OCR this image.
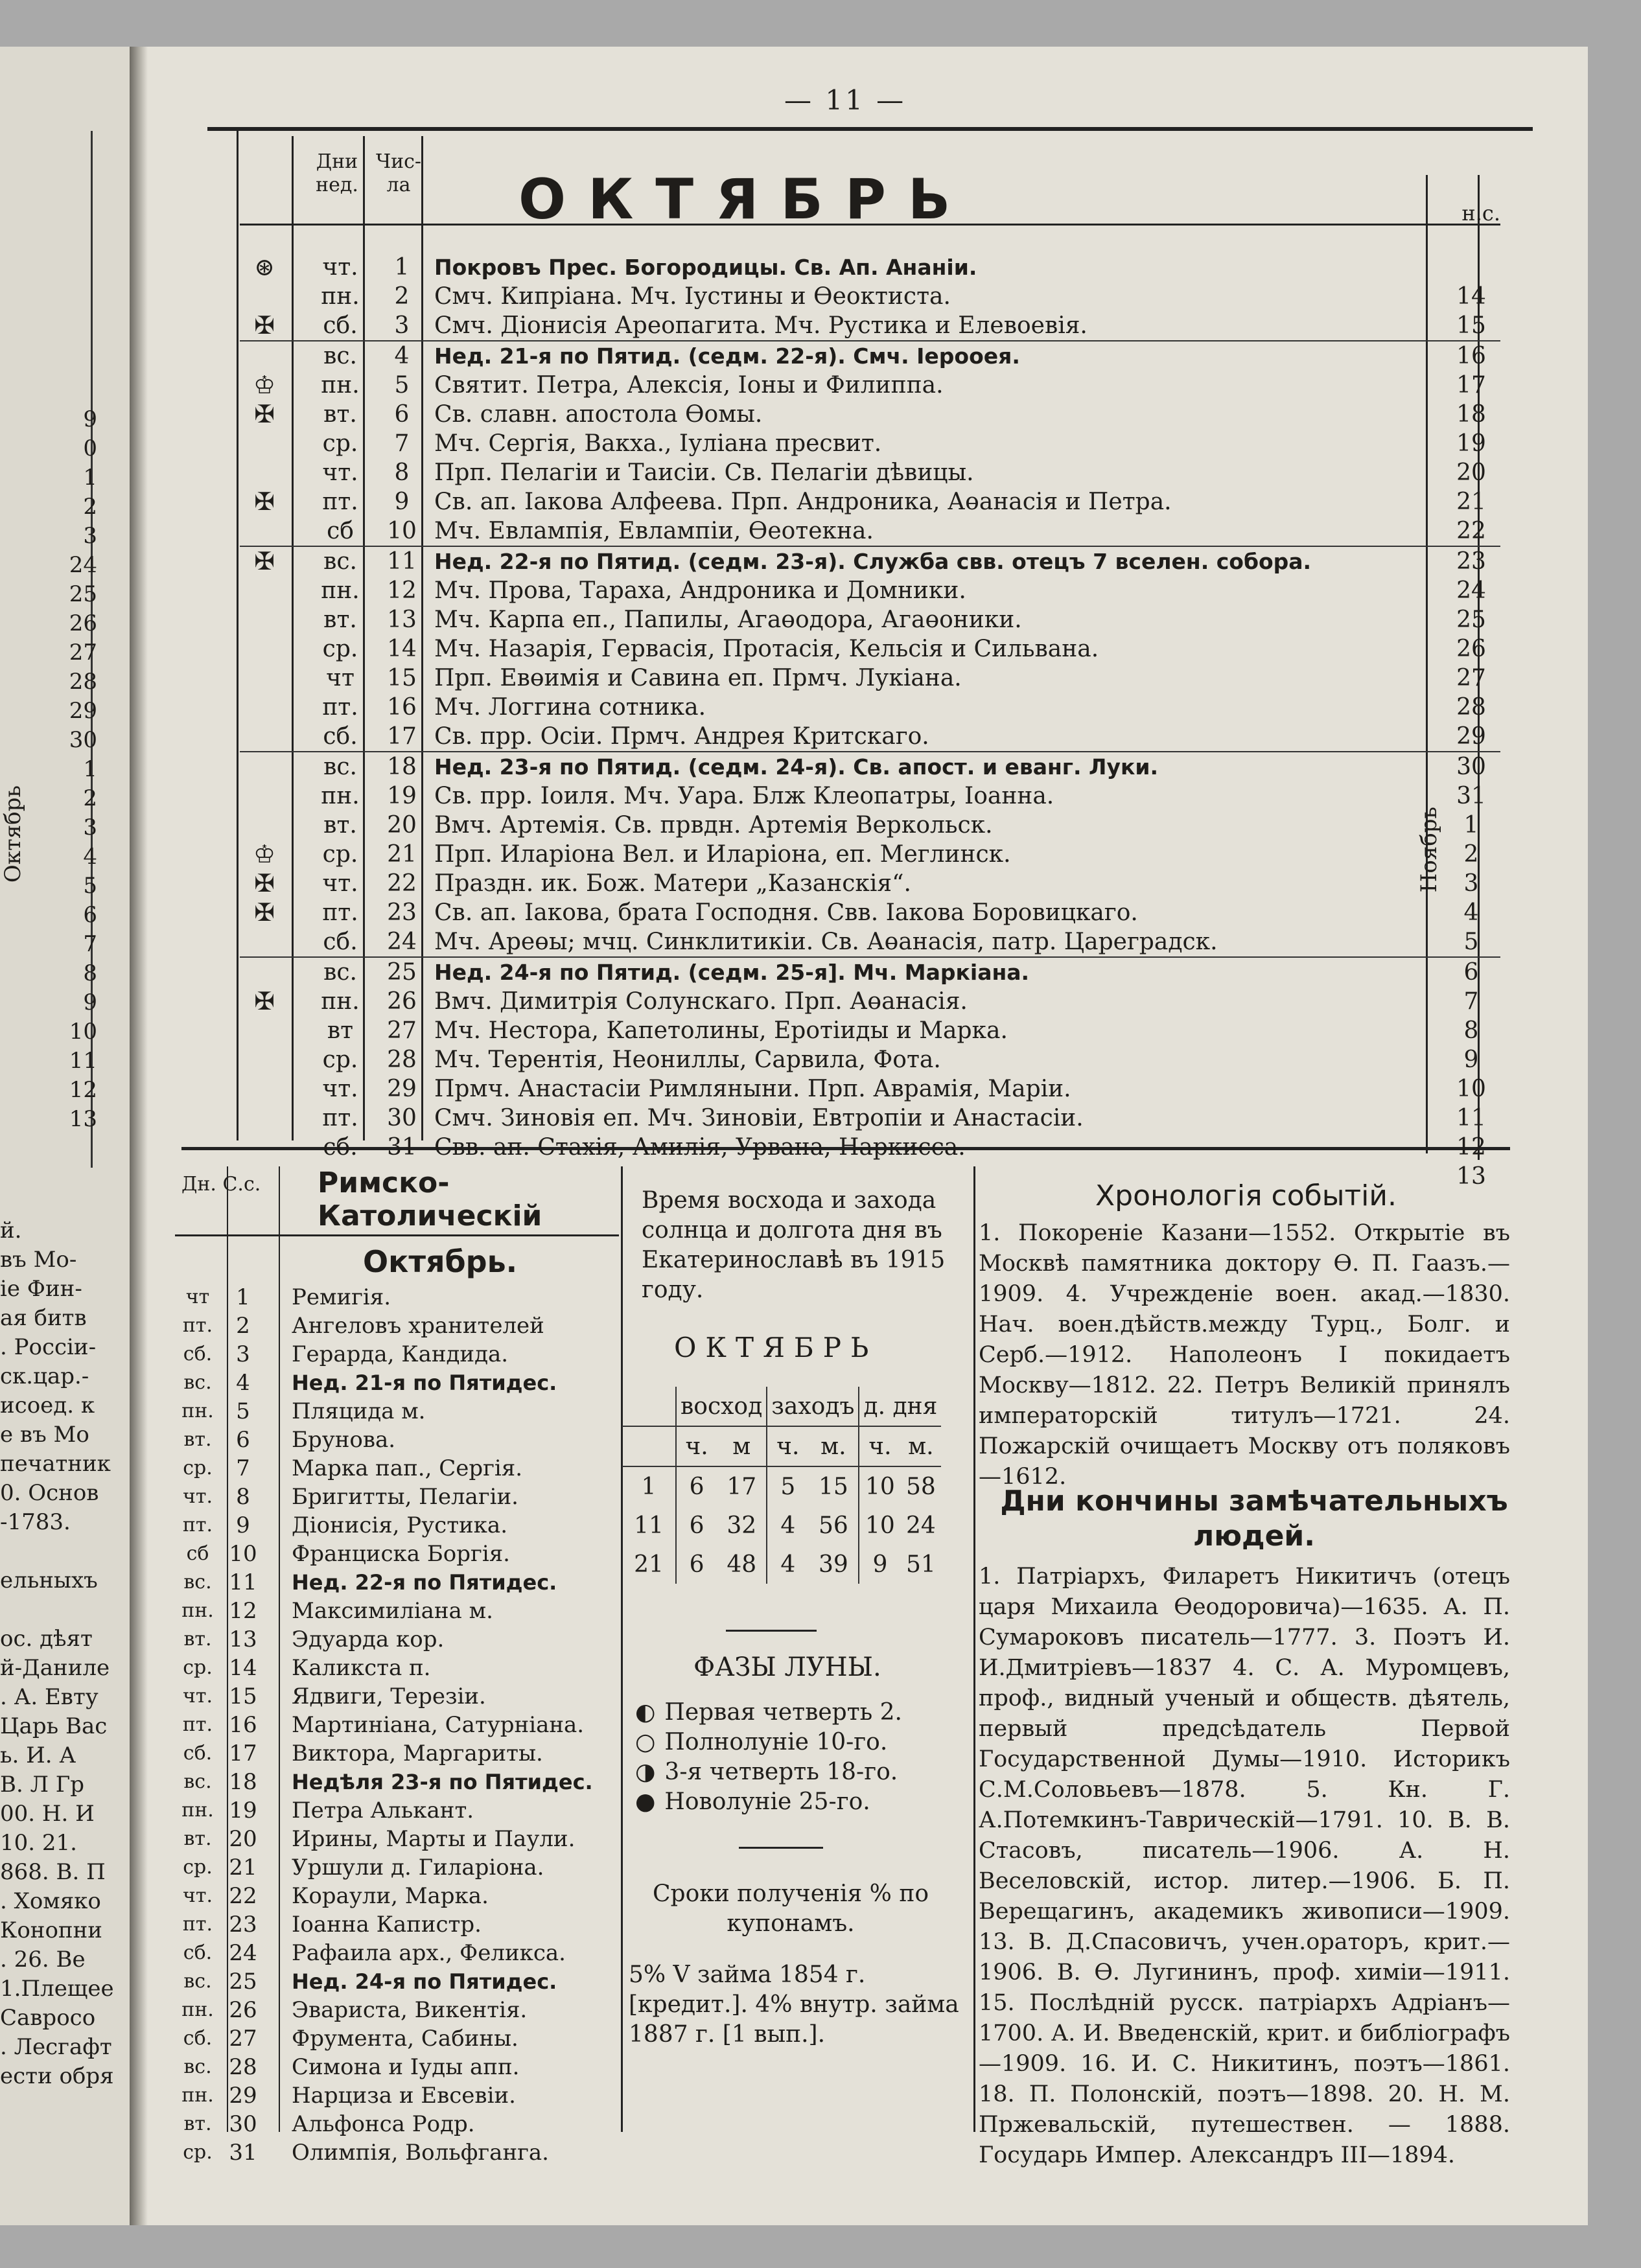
9
0
1
2
3
24
25
26
27
28
29
30
1
2
3
4
5
6
7
8
9
10
11
12
13
Октябрь
й.
въ Мо-
ie Фин-
ая битв
. Россiи-
ск.цар.-
исоед. к
е въ Мо
печатник
0. Основ
-1783.
ельныхъ
ос. дѣят
й-Данилe
. А. Евту
Царь Вас
ь. И. А
В. Л Гр
00. Н. И
10. 21.
868. В. П
. Хомяко
Конопни
. 26. Be
1.Плещее
Савросо
. Лесгафт
ести обря
— 11 —
Дни нед.
Чис- ла	ОКТЯБРЬ	н.с.
⊛	чт.	1	Покровъ Прес. Богородицы. Св. Ап. Ананiи.
пн.	2	Смч. Кипрiана. Мч. Iустины и Өеоктиста.	14
✠	сб.	3	Смч. Дiонисiя Ареопагита. Мч. Рустика и Елевоевiя.	15
вс.	4	Нед. 21-я по Пятид. (седм. 22-я). Смч. Iерооея.	16
♔	пн.	5	Святит. Петра, Алексiя, Iоны и Филиппа.	17
✠	вт.	6	Св. славн. апостола Өомы.	18
ср.	7	Мч. Сергiя, Вакха., Iулiана пресвит.	19
чт.	8	Прп. Пелагiи и Таисiи. Св. Пелагiи дѣвицы.	20
✠	пт.	9	Св. ап. Iакова Алфеева. Прп. Андроника, Аөанасiя и Петра.	21
сб	10 Мч. Евлампiя, Евлампiи, Өеотекна.	22
✠	вс.	11 Нед. 22-я по Пятид. (седм. 23-я). Служба свв. отецъ 7 вселен. собора.	23
пн.	12 Мч. Прова, Тараха, Андроника и Домники.	24
вт.	13 Мч. Карпа еп., Папилы, Агаөодора, Агаөоники.	25
ср.	14 Мч. Назарiя, Гервасiя, Протасiя, Кельсiя и Сильвана.	26
чт	15 Прп. Евөимiя и Савина еп. Прмч. Лукiана.	27
пт.	16 Мч. Логгина сотника.	28
сб.	17 Св. прр. Осiи. Прмч. Андрея Критскаго.	29
вс.	18 Нед. 23-я по Пятид. (седм. 24-я). Св. апост. и еванг. Луки.	30
пн.	19 Св. прр. Iоиля. Мч. Уара. Блж Клеопатры, Iоанна.	31
вт.	20 Вмч. Артемiя. Св. првдн. Артемiя Веркольск.	1
♔	ср.	21 Прп. Иларiона Вел. и Иларiона, еп. Меглинск.	2
✠	чт.	22 Праздн. ик. Бож. Матери „Казанскiя“.	3
✠	пт.	23 Св. ап. Iакова, брата Господня. Свв. Iакова Боровицкаго.	4
сб.	24 Мч. Ареөы; мчц. Синклитикiи. Св. Аөанасiя, патр. Цареградск.	5
вс.	25 Нед. 24-я по Пятид. (седм. 25-я]. Мч. Маркiана.	6
✠	пн.	26 Вмч. Димитрiя Солунскаго. Прп. Аөанасiя.	7
вт	27 Мч. Нестора, Капетолины, Еротiиды и Марка.	8
ср.	28 Мч. Терентiя, Неониллы, Сарвила, Фота.	9
чт.	29 Прмч. Анастасiи Римляныни. Прп. Аврамiя, Марiи.	10
пт.	30 Смч. Зиновiя еп. Мч. Зиновiи, Евтропiи и Анастасiи.	11
сб.	31 Свв. ап. Стахiя, Амилiя, Урвана, Наркисса.	12
13
Ноябрь
Дн. С.с. Римско-Католическiй
Октябрь.
чт	1	Ремигiя.
пт.	2	Ангеловъ хранителей
сб.	3	Герарда, Кандида.
вс.	4	Нед. 21-я по Пятидес.
пн.	5	Пляцида м.
вт.	6	Брунова.
ср.	7	Марка пап., Сергiя.
чт.	8	Бригитты, Пелагiи.
пт.	9	Дiонисiя, Рустика.
сб 10	Франциска Боргiя.
вс. 11	Нед. 22-я по Пятидес.
пн. 12	Максимилiана м.
вт. 13	Эдуарда кор.
ср. 14	Каликста п.
чт. 15	Ядвиги, Терезiи.
пт. 16	Мартинiана, Сатурнiана.
сб. 17	Виктора, Маргариты.
вс. 18	Недѣля 23-я по Пятидес.
пн. 19	Петра Алькант.
вт. 20	Ирины, Марты и Паули.
ср. 21	Уршули д. Гиларiона.
чт. 22	Кораули, Марка.
пт. 23	Iоанна Капистр.
сб. 24	Рафаила арх., Феликса.
вс. 25	Нед. 24-я по Пятидес.
пн. 26	Эвариста, Викентiя.
сб. 27	Фрументa, Сабины.
вс. 28	Симона и Iуды апп.
пн. 29	Нарциза и Евсевiи.
вт. 30	Альфонса Родр.
ср. 31	Олимпiя, Вольфганга.
Время восхода и захода солнца и долгота дня въ Екатеринославѣ въ 1915 году.
ОКТЯБРЬ
	восход		заходъ		д. дня	
	ч.	м	ч.	м.	ч.	м.
1	6	17	5	15	10	58
11	6	32	4	56	10	24
21	6	48	4	39	9	51
ФАЗЫ ЛУНЫ.
◐ Первая четверть 2.
○ Полнолунiе 10-го.
◑ 3-я четверть 18-го.
● Новолунiе 25-го.
Сроки полученiя % по купонамъ.
5% V займа 1854 г. [кредит.]. 4% внутр. займа 1887 г. [1 вып.].
Хронологiя событiй.
1. Покоренiе Казани—1552. Открытiе въ Москвѣ памятника доктору Ө. П. Гаазъ.—1909. 4. Учрежденiе воен. акад.—1830. Нач. воен.дѣйств.между Турц., Болг. и Серб.—1912. Наполеонъ I покидаетъ Москву—1812. 22. Петръ Великiй принялъ императорскiй титулъ—1721. 24. Пожарскiй очищаетъ Москву отъ поляковъ—1612.
Дни кончины замѣчательныхъ людей.
1. Патрiархъ, Филаретъ Никитичъ (отецъ царя Михаила Өеодоровича)—1635. А. П. Сумароковъ писатель—1777. 3. Поэтъ И. И.Дмитрiевъ—1837 4. С. А. Муромцевъ, проф., видный ученый и обществ. дѣятель, первый предсѣдатель Первой Государственной Думы—1910. Историкъ С.М.Соловьевъ—1878. 5. Кн. Г. А.Потемкинъ-Таврическiй—1791. 10. В. В. Стасовъ, писатель—1906. А. Н. Веселовскiй, истор. литер.—1906. Б. П. Верещагинъ, академикъ живописи—1909. 13. В. Д.Спасовичъ, учен.ораторъ, крит.—1906. В. Ө. Лугининъ, проф. химiи—1911. 15. Послѣднiй русск. патрiархъ Адрiанъ—1700. А. И. Введенскiй, крит. и библiографъ—1909. 16. И. С. Никитинъ, поэтъ—1861. 18. П. Полонскiй, поэтъ—1898. 20. Н. М. Пржевальскiй, путешествен. — 1888. Государь Импер. Александръ III—1894.
